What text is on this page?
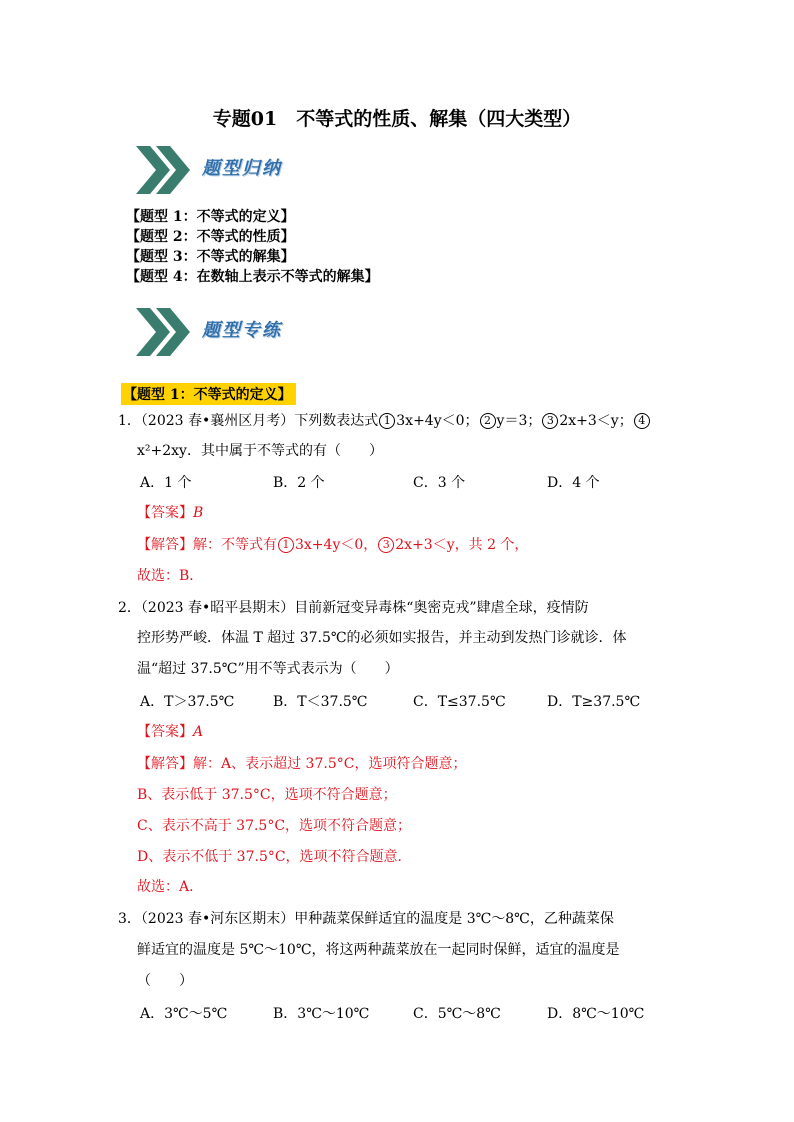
专题01　不等式的性质、解集（四大类型）
题型归纳
【题型 1：不等式的定义】
【题型 2：不等式的性质】
【题型 3：不等式的解集】
【题型 4：在数轴上表示不等式的解集】
题型专练
【题型 1：不等式的定义】
1．（2023 春•襄州区月考）下列数表达式 1 3x+4y＜0； 2 y＝3； 3 2x+3＜y； 4
x²+2xy．其中属于不等式的有（　　）
A．1 个	B．2 个	C．3 个	D．4 个
【答案】B
【解答】解：不等式有 1 3x+4y＜0， 3 2x+3＜y，共 2 个，
故选：B．
2．（2023 春•昭平县期末）目前新冠变异毒株“奥密克戎”肆虐全球，疫情防
控形势严峻．体温 T 超过 37.5℃的必须如实报告，并主动到发热门诊就诊．体
温“超过 37.5℃”用不等式表示为（　　）
A．T＞37.5℃	B．T＜37.5℃	C．T≤37.5℃	D．T≥37.5℃
【答案】A
【解答】解：A、表示超过 37.5°C，选项符合题意；
B、表示低于 37.5°C，选项不符合题意；
C、表示不高于 37.5°C，选项不符合题意；
D、表示不低于 37.5°C，选项不符合题意．
故选：A．
3．（2023 春•河东区期末）甲种蔬菜保鲜适宜的温度是 3℃～8℃，乙种蔬菜保
鲜适宜的温度是 5℃～10℃，将这两种蔬菜放在一起同时保鲜，适宜的温度是
（　　）
A．3℃～5℃	B．3℃～10℃	C．5℃～8℃	D．8℃～10℃
